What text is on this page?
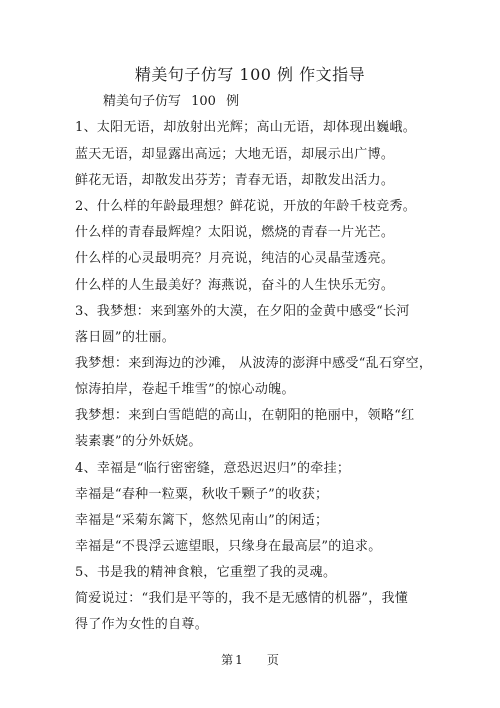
精美句子仿写 100 例 作文指导
精美句子仿写 100 例
1、太阳无语，却放射出光辉；高山无语，却体现出巍峨。
蓝天无语，却显露出高远；大地无语，却展示出广博。
鲜花无语，却散发出芬芳；青春无语，却散发出活力。
2、什么样的年龄最理想？鲜花说，开放的年龄千枝竞秀。
什么样的青春最辉煌？太阳说，燃烧的青春一片光芒。
什么样的心灵最明亮？月亮说，纯洁的心灵晶莹透亮。
什么样的人生最美好？海燕说，奋斗的人生快乐无穷。
3、我梦想：来到塞外的大漠，在夕阳的金黄中感受“长河
落日圆”的壮丽。
我梦想：来到海边的沙滩， 从波涛的澎湃中感受“乱石穿空，
惊涛拍岸，卷起千堆雪”的惊心动魄。
我梦想：来到白雪皑皑的高山，在朝阳的艳丽中，领略“红
装素裹”的分外妖娆。
4、幸福是“临行密密缝，意恐迟迟归”的牵挂；
幸福是“春种一粒粟，秋收千颗子”的收获；
幸福是“采菊东篱下，悠然见南山”的闲适；
幸福是“不畏浮云遮望眼，只缘身在最高层”的追求。
5、书是我的精神食粮，它重塑了我的灵魂。
简爱说过：“我们是平等的，我不是无感情的机器”，我懂
得了作为女性的自尊。
第 1 页
